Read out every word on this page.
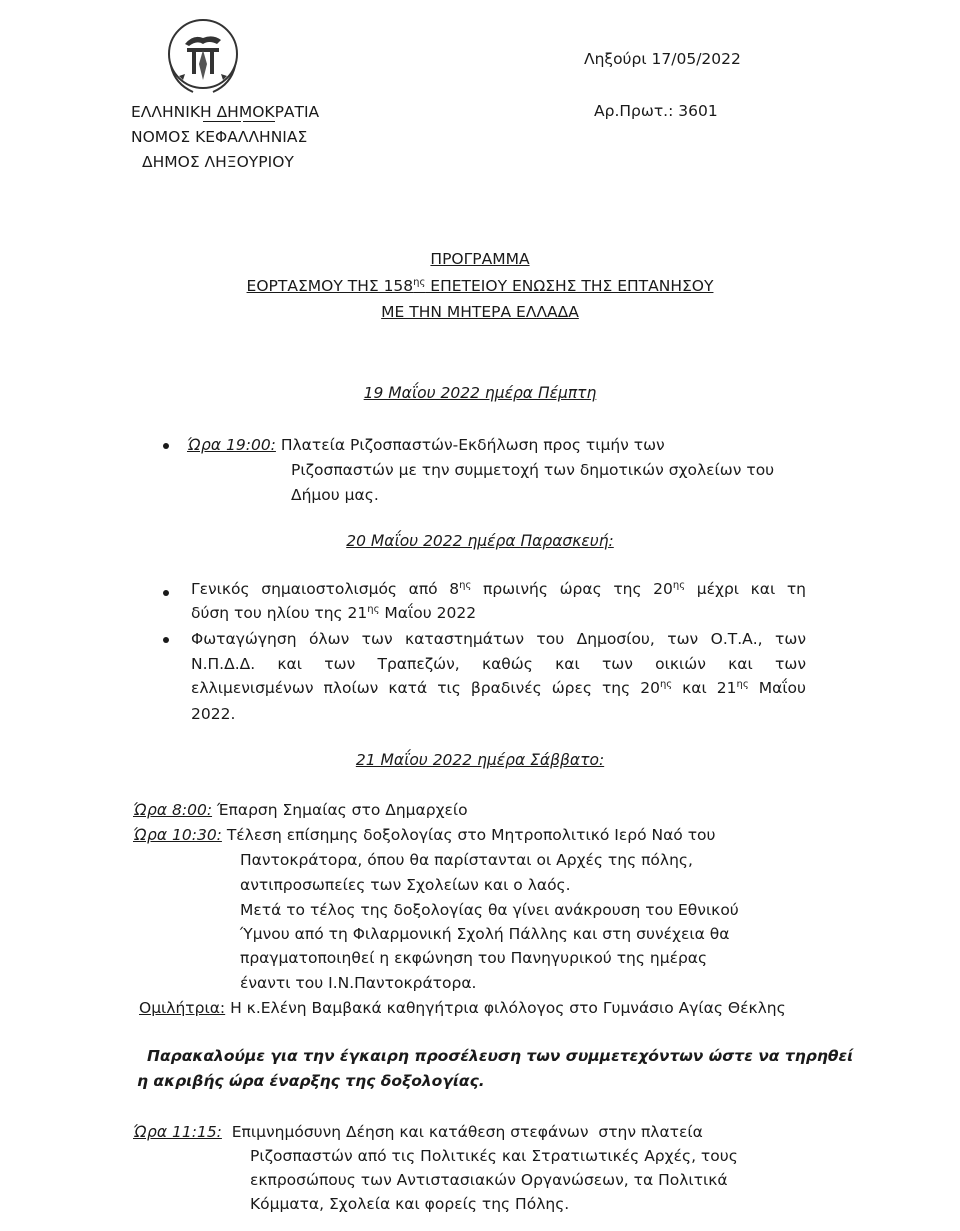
ΕΛΛΗΝΙΚΗ ΔΗΜΟΚΡΑΤΙΑ
ΝΟΜΟΣ ΚΕΦΑΛΛΗΝΙΑΣ
ΔΗΜΟΣ ΛΗΞΟΥΡΙΟΥ
Ληξούρι 17/05/2022
Αρ.Πρωτ.: 3601
ΠΡΟΓΡΑΜΜΑ
ΕΟΡΤΑΣΜΟΥ ΤΗΣ $158^{\eta\varsigma}$ ΕΠΕΤΕΙΟΥ ΕΝΩΣΗΣ ΤΗΣ ΕΠΤΑΝΗΣΟΥ
ΜΕ ΤΗΝ ΜΗΤΕΡΑ ΕΛΛΑΔΑ
19 Μαΐου 2022 ημέρα Πέμπτη
Ώρα 19:00: Πλατεία Ριζοσπαστών-Εκδήλωση προς τιμήν των
Ριζοσπαστών με την συμμετοχή των δημοτικών σχολείων του
Δήμου μας.
20 Μαΐου 2022 ημέρα Παρασκευή:
Γενικός σημαιοστολισμός από $8^{\eta\varsigma}$ πρωινής ώρας της $20^{\eta\varsigma}$ μέχρι και τη
δύση του ηλίου της $21^{\eta\varsigma}$ Μαΐου 2022
Φωταγώγηση όλων των καταστημάτων του Δημοσίου, των Ο.Τ.Α., των
Ν.Π.Δ.Δ. και των Τραπεζών, καθώς και των οικιών και των
ελλιμενισμένων πλοίων κατά τις βραδινές ώρες της $20^{\eta\varsigma}$ και $21^{\eta\varsigma}$ Μαΐου
2022.
21 Μαΐου 2022 ημέρα Σάββατο:
Ώρα 8:00: Έπαρση Σημαίας στο Δημαρχείο
Ώρα 10:30: Τέλεση επίσημης δοξολογίας στο Μητροπολιτικό Ιερό Ναό του
Παντοκράτορα, όπου θα παρίστανται οι Αρχές της πόλης,
αντιπροσωπείες των Σχολείων και ο λαός.
Μετά το τέλος της δοξολογίας θα γίνει ανάκρουση του Εθνικού
Ύμνου από τη Φιλαρμονική Σχολή Πάλλης και στη συνέχεια θα
πραγματοποιηθεί η εκφώνηση του Πανηγυρικού της ημέρας
έναντι του Ι.Ν.Παντοκράτορα.
Ομιλήτρια: Η κ.Ελένη Βαμβακά καθηγήτρια φιλόλογος στο Γυμνάσιο Αγίας Θέκλης
Παρακαλούμε για την έγκαιρη προσέλευση των συμμετεχόντων ώστε να τηρηθεί
η ακριβής ώρα έναρξης της δοξολογίας.
Ώρα 11:15:  Επιμνημόσυνη Δέηση και κατάθεση στεφάνων  στην πλατεία
Ριζοσπαστών από τις Πολιτικές και Στρατιωτικές Αρχές, τους
εκπροσώπους των Αντιστασιακών Οργανώσεων, τα Πολιτικά
Κόμματα, Σχολεία και φορείς της Πόλης.
